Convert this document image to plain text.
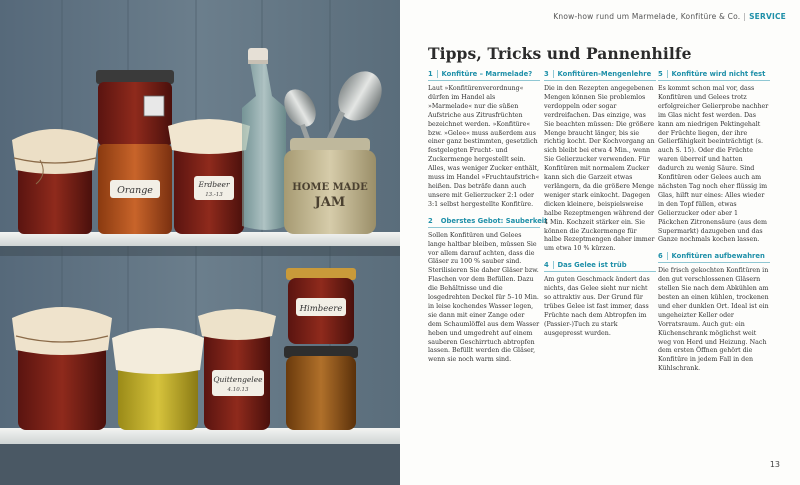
Orange
Erdbeer
13.-13
HOME MADE
JAM
Quittengelee
4.10.13
Himbeere
Know-how rund um Marmelade, Konfitüre & Co. | SERVICE
Tipps, Tricks und Pannenhilfe
1 Konfitüre – Marmelade?

Laut »Konfitürenverordnung« dürfen im Handel als »Marmelade« nur die süßen Aufstriche aus Zitrusfrüchten bezeichnet werden. »Konfitüre« bzw. »Gelee« muss außerdem aus einer ganz bestimmten, gesetzlich festgelegten Frucht- und Zuckermenge hergestellt sein. Alles, was weniger Zucker enthält, muss im Handel »Fruchtaufstrich« heißen. Das beträfe dann auch unsere mit Gelierzucker 2:1 oder 3:1 selbst hergestellte Konfitüre.

2 Oberstes Gebot: Sauberkeit

Sollen Konfitüren und Gelees lange haltbar bleiben, müssen Sie vor allem darauf achten, dass die Gläser zu 100 % sauber sind. Sterilisieren Sie daher Gläser bzw. Flaschen vor dem Befüllen. Dazu die Behältnisse und die losgedrehten Deckel für 5–10 Min. in leise kochendes Wasser legen, sie dann mit einer Zange oder dem Schaumlöffel aus dem Wasser heben und umgedreht auf einem sauberen Geschirrtuch abtropfen lassen. Befüllt werden die Gläser, wenn sie noch warm sind.

3 Konfitüren-Mengenlehre

Die in den Rezepten angegebenen Mengen können Sie problemlos verdoppeln oder sogar verdreifachen. Das einzige, was Sie beachten müssen: Die größere Menge braucht länger, bis sie richtig kocht. Der Kochvorgang an sich bleibt bei etwa 4 Min., wenn Sie Gelierzucker verwenden. Für Konfitüren mit normalem Zucker kann sich die Garzeit etwas verlängern, da die größere Menge weniger stark einkocht. Dagegen dicken kleinere, beispielsweise halbe Rezeptmengen während der 4 Min. Kochzeit stärker ein. Sie können die Zuckermenge für halbe Rezeptmengen daher immer um etwa 10 % kürzen.

4 Das Gelee ist trüb

Am guten Geschmack ändert das nichts, das Gelee sieht nur nicht so attraktiv aus. Der Grund für trübes Gelee ist fast immer, dass Früchte nach dem Abtropfen im (Passier-)Tuch zu stark ausgepresst wurden.

5 Konfitüre wird nicht fest

Es kommt schon mal vor, dass Konfitüren und Gelees trotz erfolgreicher Gelierprobe nachher im Glas nicht fest werden. Das kann am niedrigen Pektingehalt der Früchte liegen, der ihre Gelierfähigkeit beeinträchtigt (s. auch S. 15). Oder die Früchte waren überreif und hatten dadurch zu wenig Säure. Sind Konfitüren oder Gelees auch am nächsten Tag noch eher flüssig im Glas, hilft nur eines: Alles wieder in den Topf füllen, etwas Gelierzucker oder aber 1 Päckchen Zitronensäure (aus dem Supermarkt) dazugeben und das Ganze nochmals kochen lassen.

6 Konfitüren aufbewahren

Die frisch gekochten Konfitüren in den gut verschlossenen Gläsern stellen Sie nach dem Abkühlen am besten an einen kühlen, trockenen und eher dunklen Ort. Ideal ist ein ungeheizter Keller oder Vorratsraum. Auch gut: ein Küchenschrank möglichst weit weg von Herd und Heizung. Nach dem ersten Öffnen gehört die Konfitüre in jedem Fall in den Kühlschrank.

13
